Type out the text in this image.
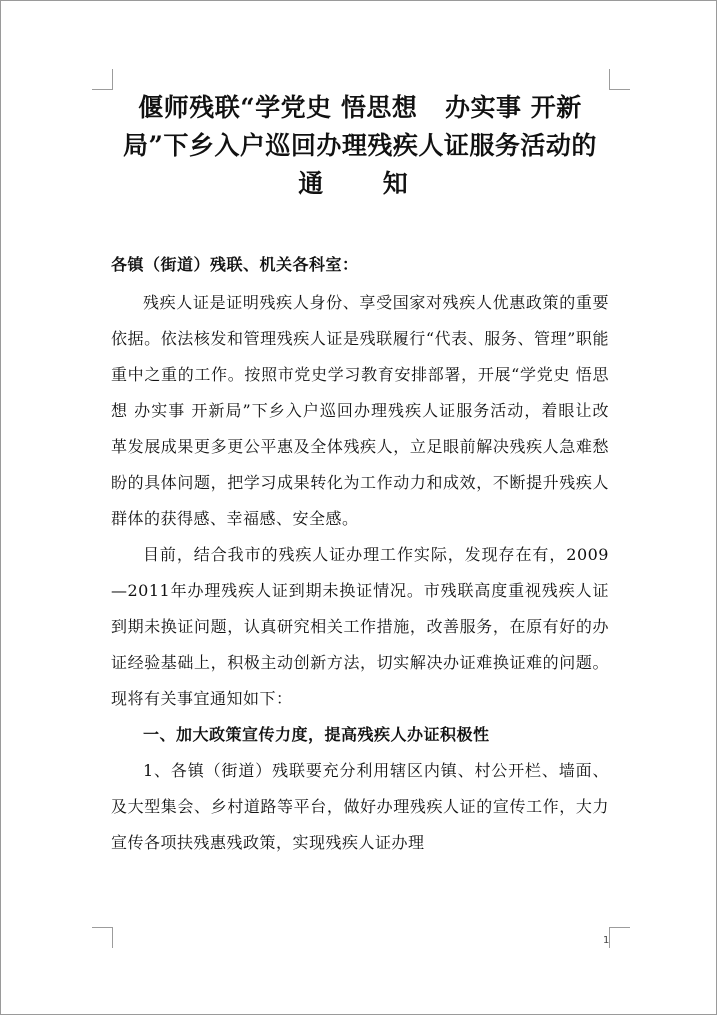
偃师残联“学党史 悟思想   办实事 开新
局”下乡入户巡回办理残疾人证服务活动的
通  知
各镇（街道）残联、机关各科室：

残疾人证是证明残疾人身份、享受国家对残疾人优惠政策的重要依据。依法核发和管理残疾人证是残联履行“代表、服务、管理”职能重中之重的工作。按照市党史学习教育安排部署，开展“学党史 悟思想 办实事 开新局”下乡入户巡回办理残疾人证服务活动，着眼让改革发展成果更多更公平惠及全体残疾人，立足眼前解决残疾人急难愁盼的具体问题，把学习成果转化为工作动力和成效，不断提升残疾人群体的获得感、幸福感、安全感。

目前，结合我市的残疾人证办理工作实际，发现存在有，2009—2011年办理残疾人证到期未换证情况。市残联高度重视残疾人证到期未换证问题，认真研究相关工作措施，改善服务，在原有好的办证经验基础上，积极主动创新方法，切实解决办证难换证难的问题。现将有关事宜通知如下：

一、加大政策宣传力度，提高残疾人办证积极性

1、各镇（街道）残联要充分利用辖区内镇、村公开栏、墙面、及大型集会、乡村道路等平台，做好办理残疾人证的宣传工作，大力宣传各项扶残惠残政策，实现残疾人证办理

1
